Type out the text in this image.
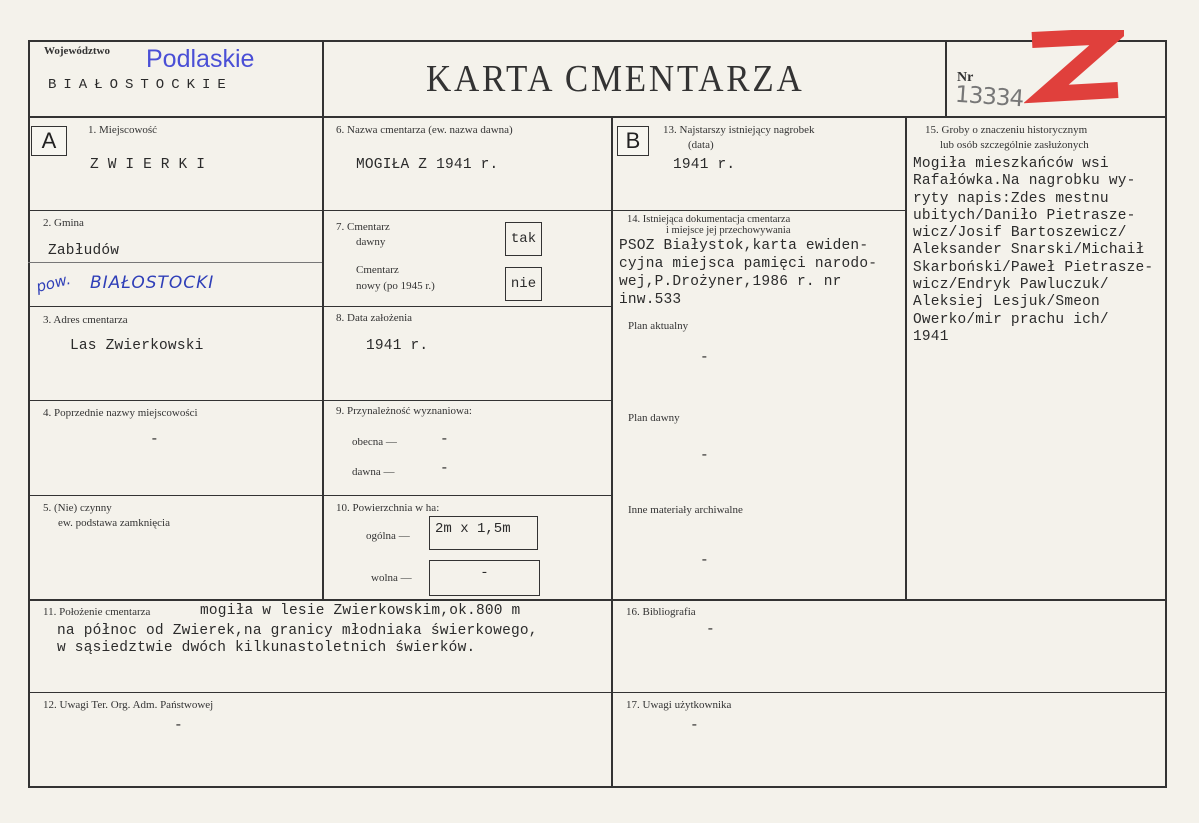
Województwo Podlaskie
BIAŁOSTOCKIE	KARTA CMENTARZA	Nr
13334
A	1. Miejscowość
ZWIERKI
2. Gmina
Zabłudów
pow. BIAŁOSTOCKI
3. Adres cmentarza
Las Zwierkowski
4. Poprzednie nazwy miejscowości
-
5. (Nie) czynny
ew. podstawa zamknięcia
6. Nazwa cmentarza (ew. nazwa dawna)
MOGIŁA Z 1941 r.
7. Cmentarz
dawny	tak
Cmentarz
nowy (po 1945 r.)	nie
8. Data założenia
1941 r.
9. Przynależność wyznaniowa:
obecna —	-
dawna —	-
10. Powierzchnia w ha:
ogólna —	2m x 1,5m
wolna —	-
11. Położenie cmentarza	mogiła w lesie Zwierkowskim,ok.800 m
na północ od Zwierek,na granicy młodniaka świerkowego,
w sąsiedztwie dwóch kilkunastoletnich świerków.
12. Uwagi Ter. Org. Adm. Państwowej
-
B	13. Najstarszy istniejący nagrobek
(data)
1941 r.
14. Istniejąca dokumentacja cmentarza
i miejsce jej przechowywania
PSOZ Białystok,karta ewiden-
cyjna miejsca pamięci narodo-
wej,P.Drożyner,1986 r. nr
inw.533
Plan aktualny
-
Plan dawny
-
Inne materiały archiwalne
-
15. Groby o znaczeniu historycznym
lub osób szczególnie zasłużonych
Mogiła mieszkańców wsi
Rafałówka.Na nagrobku wy-
ryty napis:Zdes mestnu
ubitych/Daniło Pietrasze-
wicz/Josif Bartoszewicz/
Aleksander Snarski/Michaił
Skarboński/Paweł Pietrasze-
wicz/Endryk Pawluczuk/
Aleksiej Lesjuk/Smeon
Owerko/mir prachu ich/
1941
16. Bibliografia
-
17. Uwagi użytkownika
-
